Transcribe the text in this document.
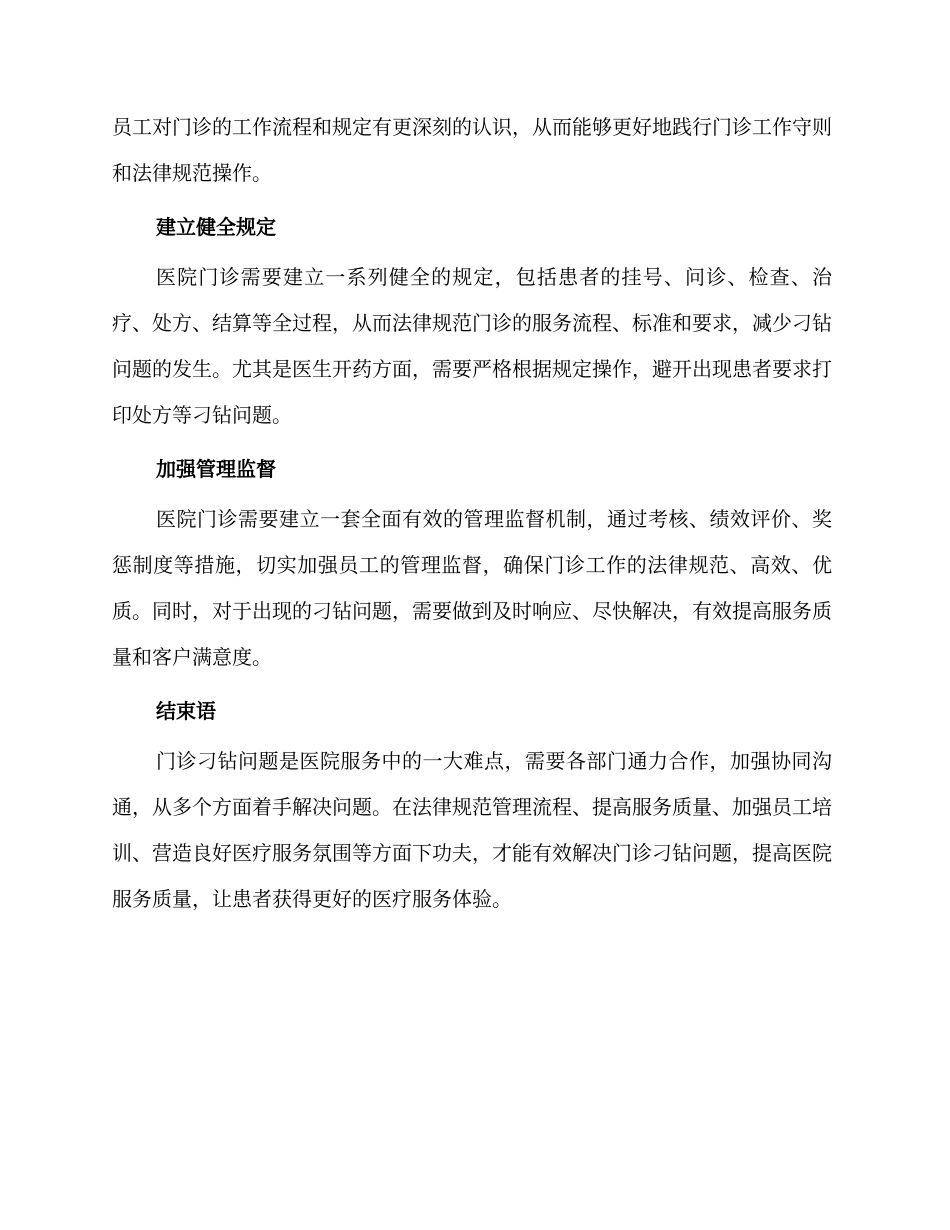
员工对门诊的工作流程和规定有更深刻的认识，从而能够更好地践行门诊工作守则和法律规范操作。

建立健全规定

医院门诊需要建立一系列健全的规定，包括患者的挂号、问诊、检查、治疗、处方、结算等全过程，从而法律规范门诊的服务流程、标准和要求，减少刁钻问题的发生。尤其是医生开药方面，需要严格根据规定操作，避开出现患者要求打印处方等刁钻问题。

加强管理监督

医院门诊需要建立一套全面有效的管理监督机制，通过考核、绩效评价、奖惩制度等措施，切实加强员工的管理监督，确保门诊工作的法律规范、高效、优质。同时，对于出现的刁钻问题，需要做到及时响应、尽快解决，有效提高服务质量和客户满意度。

结束语

门诊刁钻问题是医院服务中的一大难点，需要各部门通力合作，加强协同沟通，从多个方面着手解决问题。在法律规范管理流程、提高服务质量、加强员工培训、营造良好医疗服务氛围等方面下功夫，才能有效解决门诊刁钻问题，提高医院服务质量，让患者获得更好的医疗服务体验。
